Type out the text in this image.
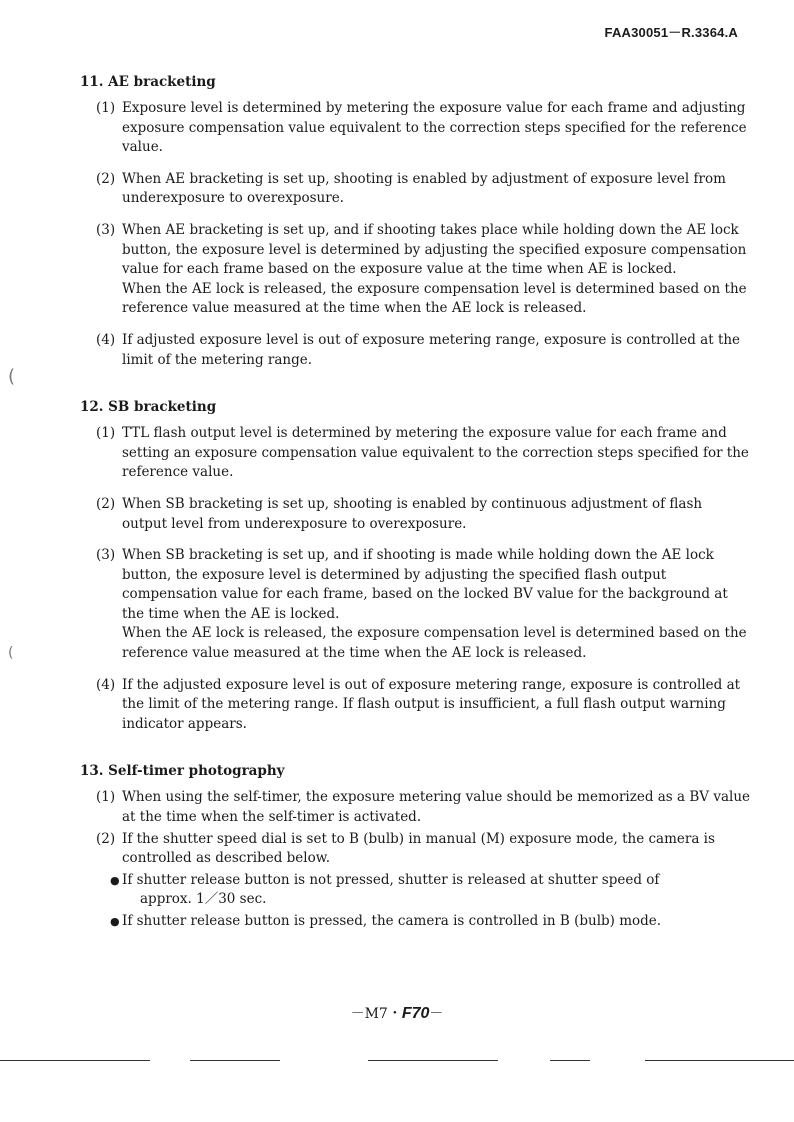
FAA30051－R.3364.A
(
(
11. AE bracketing
(1) Exposure level is determined by metering the exposure value for each frame and adjusting exposure compensation value equivalent to the correction steps specified for the reference value.
(2) When AE bracketing is set up, shooting is enabled by adjustment of exposure level from underexposure to overexposure.
(3) When AE bracketing is set up, and if shooting takes place while holding down the AE lock button, the exposure level is determined by adjusting the specified exposure compensation value for each frame based on the exposure value at the time when AE is locked.
When the AE lock is released, the exposure compensation level is determined based on the reference value measured at the time when the AE lock is released.
(4) If adjusted exposure level is out of exposure metering range, exposure is controlled at the limit of the metering range.
12. SB bracketing
(1) TTL flash output level is determined by metering the exposure value for each frame and setting an exposure compensation value equivalent to the correction steps specified for the reference value.
(2) When SB bracketing is set up, shooting is enabled by continuous adjustment of flash output level from underexposure to overexposure.
(3) When SB bracketing is set up, and if shooting is made while holding down the AE lock button, the exposure level is determined by adjusting the specified flash output compensation value for each frame, based on the locked BV value for the background at the time when the AE is locked.
When the AE lock is released, the exposure compensation level is determined based on the reference value measured at the time when the AE lock is released.
(4) If the adjusted exposure level is out of exposure metering range, exposure is controlled at the limit of the metering range. If flash output is insufficient, a full flash output warning indicator appears.
13. Self-timer photography
(1) When using the self-timer, the exposure metering value should be memorized as a BV value at the time when the self-timer is activated.
(2) If the shutter speed dial is set to B (bulb) in manual (M) exposure mode, the camera is controlled as described below.
● If shutter release button is not pressed, shutter is released at shutter speed of
approx. 1／30 sec.
● If shutter release button is pressed, the camera is controlled in B (bulb) mode.
－M7・F70－
